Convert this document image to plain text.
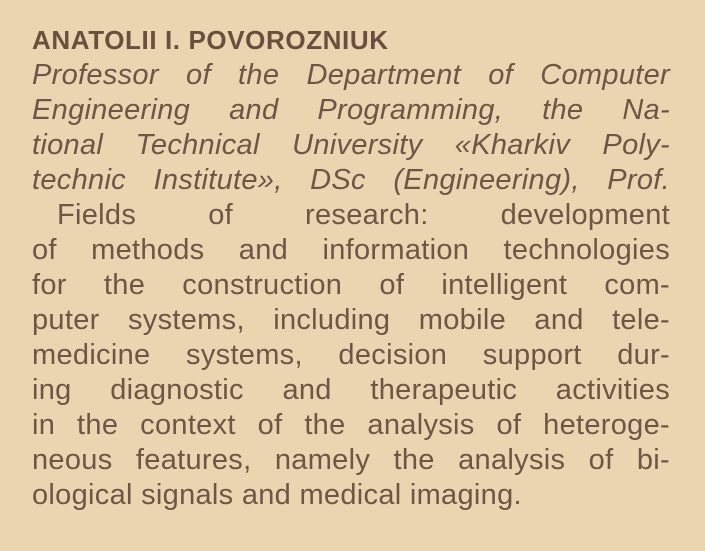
ANATOLII I. POVOROZNIUK
Professor of the Department of Computer
Engineering and Programming, the Na-
tional Technical University «Kharkiv Poly-
technic Institute», DSc (Engineering), Prof.
Fields of research: development
of methods and information technologies
for the construction of intelligent com-
puter systems, including mobile and tele-
medicine systems, decision support dur-
ing diagnostic and therapeutic activities
in the context of the analysis of heteroge-
neous features, namely the analysis of bi-
ological signals and medical imaging.
